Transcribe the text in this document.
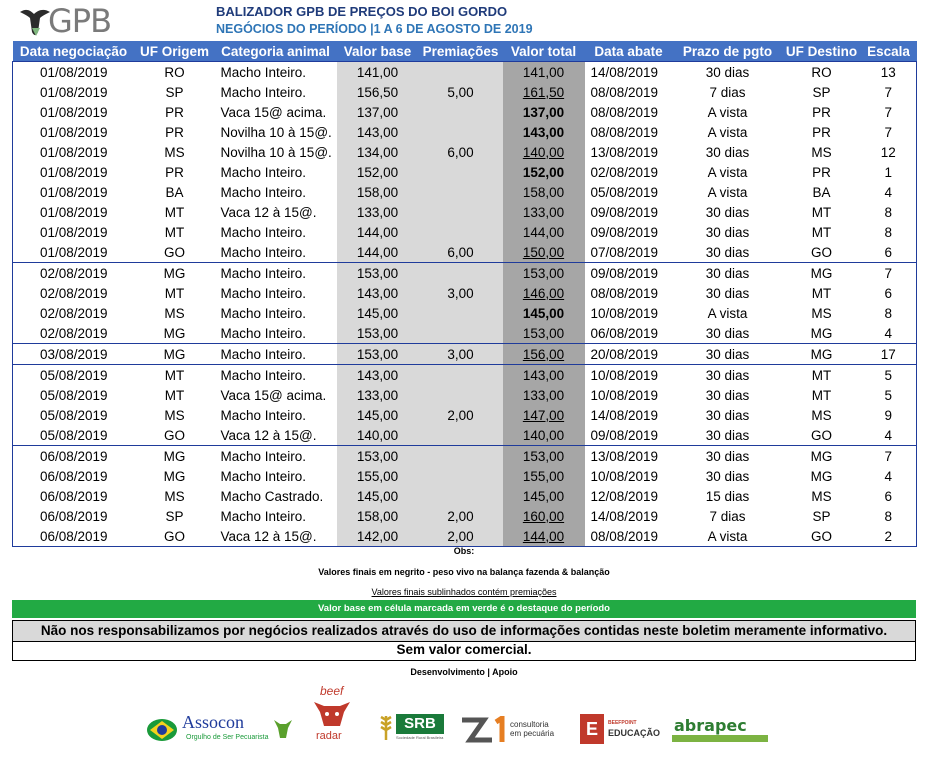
GPB	BALIZADOR GPB DE PREÇOS DO BOI GORDO
NEGÓCIOS DO PERÍODO |1 A 6 DE AGOSTO DE 2019
Data negociação	UF Origem	Categoria animal	Valor base	Premiações	Valor total	Data abate	Prazo de pgto	UF Destino	Escala
01/08/2019	RO	Macho Inteiro.	141,00		141,00	14/08/2019	30 dias	RO	13
01/08/2019	SP	Macho Inteiro.	156,50	5,00	161,50	08/08/2019	7 dias	SP	7
01/08/2019	PR	Vaca 15@ acima.	137,00		137,00	08/08/2019	A vista	PR	7
01/08/2019	PR	Novilha 10 à 15@.	143,00		143,00	08/08/2019	A vista	PR	7
01/08/2019	MS	Novilha 10 à 15@.	134,00	6,00	140,00	13/08/2019	30 dias	MS	12
01/08/2019	PR	Macho Inteiro.	152,00		152,00	02/08/2019	A vista	PR	1
01/08/2019	BA	Macho Inteiro.	158,00		158,00	05/08/2019	A vista	BA	4
01/08/2019	MT	Vaca 12 à 15@.	133,00		133,00	09/08/2019	30 dias	MT	8
01/08/2019	MT	Macho Inteiro.	144,00		144,00	09/08/2019	30 dias	MT	8
01/08/2019	GO	Macho Inteiro.	144,00	6,00	150,00	07/08/2019	30 dias	GO	6
02/08/2019	MG	Macho Inteiro.	153,00		153,00	09/08/2019	30 dias	MG	7
02/08/2019	MT	Macho Inteiro.	143,00	3,00	146,00	08/08/2019	30 dias	MT	6
02/08/2019	MS	Macho Inteiro.	145,00		145,00	10/08/2019	A vista	MS	8
02/08/2019	MG	Macho Inteiro.	153,00		153,00	06/08/2019	30 dias	MG	4
03/08/2019	MG	Macho Inteiro.	153,00	3,00	156,00	20/08/2019	30 dias	MG	17
05/08/2019	MT	Macho Inteiro.	143,00		143,00	10/08/2019	30 dias	MT	5
05/08/2019	MT	Vaca 15@ acima.	133,00		133,00	10/08/2019	30 dias	MT	5
05/08/2019	MS	Macho Inteiro.	145,00	2,00	147,00	14/08/2019	30 dias	MS	9
05/08/2019	GO	Vaca 12 à 15@.	140,00		140,00	09/08/2019	30 dias	GO	4
06/08/2019	MG	Macho Inteiro.	153,00		153,00	13/08/2019	30 dias	MG	7
06/08/2019	MG	Macho Inteiro.	155,00		155,00	10/08/2019	30 dias	MG	4
06/08/2019	MS	Macho Castrado.	145,00		145,00	12/08/2019	15 dias	MS	6
06/08/2019	SP	Macho Inteiro.	158,00	2,00	160,00	14/08/2019	7 dias	SP	8
06/08/2019	GO	Vaca 12 à 15@.	142,00	2,00	144,00	08/08/2019	A vista	GO	2
Obs:
Valores finais em negrito - peso vivo na balança fazenda & balanção
Valores finais sublinhados contém premiações
Valor base em célula marcada em verde é o destaque do período
Não nos responsabilizamos por negócios realizados através do uso de informações contidas neste boletim meramente informativo.
Sem valor comercial.
Desenvolvimento | Apoio
Assocon
Orgulho de Ser Pecuarista
beef
radar
SRB
Sociedade Rural Brasileira
consultoria
em pecuária	E	BEEFPOINT
EDUCAÇÃO abrapec
